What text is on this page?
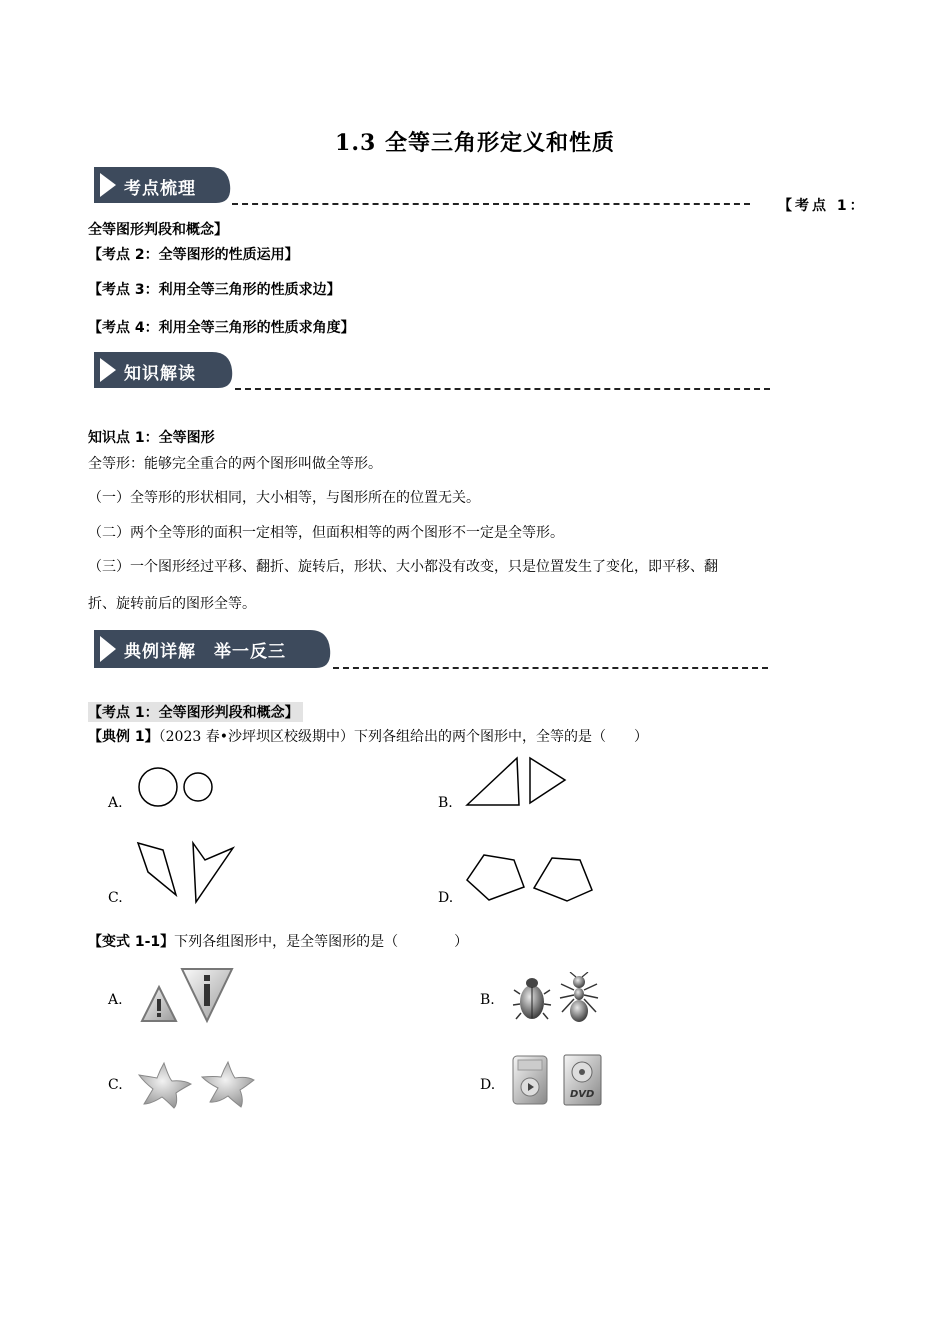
1.3 全等三角形定义和性质
考点梳理
【考点 1：
全等图形判段和概念】
【考点 2：全等图形的性质运用】
【考点 3：利用全等三角形的性质求边】
【考点 4：利用全等三角形的性质求角度】
知识解读
知识点 1：全等图形
全等形：能够完全重合的两个图形叫做全等形。
（一）全等形的形状相同，大小相等，与图形所在的位置无关。
（二）两个全等形的面积一定相等，但面积相等的两个图形不一定是全等形。
（三）一个图形经过平移、翻折、旋转后，形状、大小都没有改变，只是位置发生了变化，即平移、翻
折、旋转前后的图形全等。
典例详解　举一反三
【考点 1：全等图形判段和概念】
【典例 1】（2023 春•沙坪坝区校级期中）下列各组给出的两个图形中，全等的是（　　）
A.	B.
C.	D.
【变式 1-1】下列各组图形中，是全等图形的是（　　　　）
A.	B.
C.	D.
DVD
